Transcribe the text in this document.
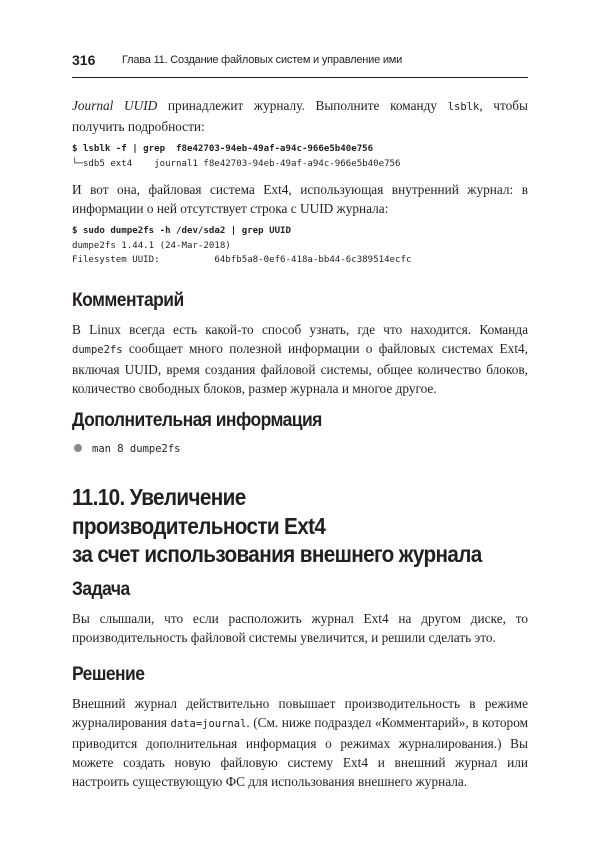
316 Глава 11. Создание файловых систем и управление ими

Journal UUID принадлежит журналу. Выполните команду lsblk, чтобы получить подробности:

$ lsblk -f | grep  f8e42703-94eb-49af-a94c-966e5b40e756
└─sdb5 ext4    journal1 f8e42703-94eb-49af-a94c-966e5b40e756

И вот она, файловая система Ext4, использующая внутренний журнал: в информации о ней отсутствует строка с UUID журнала:

$ sudo dumpe2fs -h /dev/sda2 | grep UUID
dumpe2fs 1.44.1 (24-Mar-2018)
Filesystem UUID:          64bfb5a8-0ef6-418a-bb44-6c389514ecfc
Комментарий

В Linux всегда есть какой-то способ узнать, где что находится. Команда dumpe2fs сообщает много полезной информации о файловых системах Ext4, включая UUID, время создания файловой системы, общее количество блоков, количество свободных блоков, размер журнала и многое другое.

Дополнительная информация
man 8 dumpe2fs
11.10. Увеличение
производительности Ext4
за счет использования внешнего журнала
Задача

Вы слышали, что если расположить журнал Ext4 на другом диске, то производительность файловой системы увеличится, и решили сделать это.

Решение

Внешний журнал действительно повышает производительность в режиме журналирования data=journal. (См. ниже подраздел «Комментарий», в котором приводится дополнительная информация о режимах журналирования.) Вы можете создать новую файловую систему Ext4 и внешний журнал или настроить существующую ФС для использования внешнего журнала.
